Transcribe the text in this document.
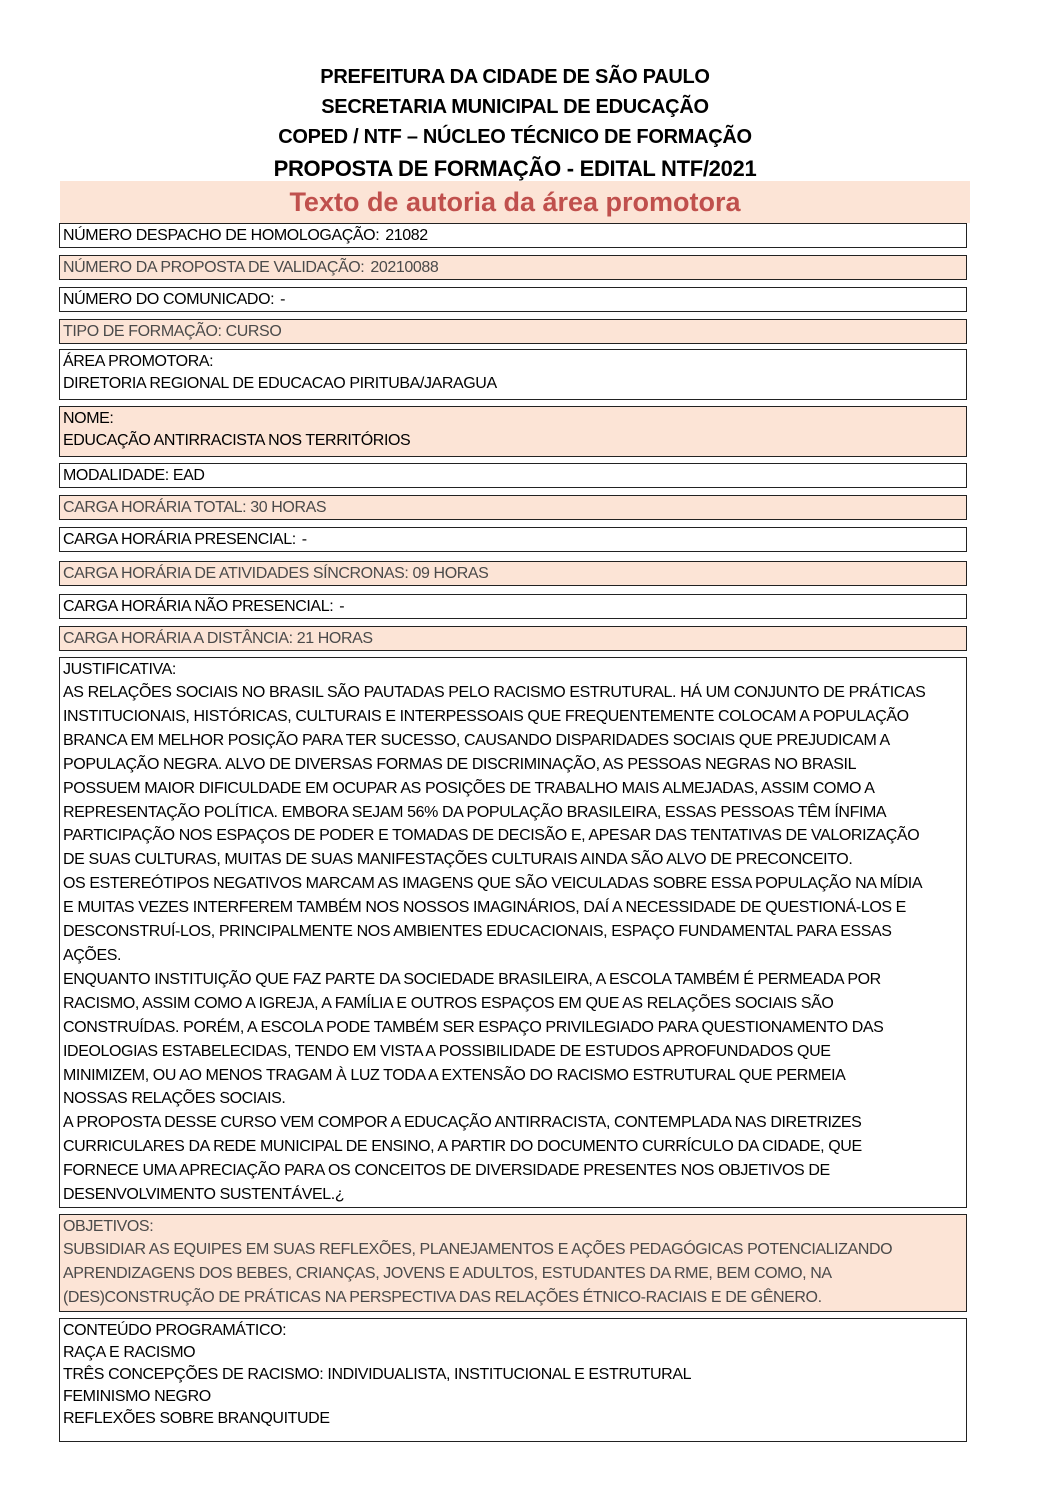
PREFEITURA DA CIDADE DE SÃO PAULO
SECRETARIA MUNICIPAL DE EDUCAÇÃO
COPED / NTF – NÚCLEO TÉCNICO DE FORMAÇÃO
PROPOSTA DE FORMAÇÃO - EDITAL NTF/2021
Texto de autoria da área promotora
NÚMERO DESPACHO DE HOMOLOGAÇÃO: 21082
NÚMERO DA PROPOSTA DE VALIDAÇÃO: 20210088
NÚMERO DO COMUNICADO: -
TIPO DE FORMAÇÃO: CURSO
ÁREA PROMOTORA:
DIRETORIA REGIONAL DE EDUCACAO PIRITUBA/JARAGUA
NOME:
EDUCAÇÃO ANTIRRACISTA NOS TERRITÓRIOS
MODALIDADE: EAD
CARGA HORÁRIA TOTAL: 30 HORAS
CARGA HORÁRIA PRESENCIAL: -
CARGA HORÁRIA DE ATIVIDADES SÍNCRONAS: 09 HORAS
CARGA HORÁRIA NÃO PRESENCIAL: -
CARGA HORÁRIA A DISTÂNCIA: 21 HORAS
JUSTIFICATIVA:
AS RELAÇÕES SOCIAIS NO BRASIL SÃO PAUTADAS PELO RACISMO ESTRUTURAL. HÁ UM CONJUNTO DE PRÁTICAS
INSTITUCIONAIS, HISTÓRICAS, CULTURAIS E INTERPESSOAIS QUE FREQUENTEMENTE COLOCAM A POPULAÇÃO
BRANCA EM MELHOR POSIÇÃO PARA TER SUCESSO, CAUSANDO DISPARIDADES SOCIAIS QUE PREJUDICAM A
POPULAÇÃO NEGRA. ALVO DE DIVERSAS FORMAS DE DISCRIMINAÇÃO, AS PESSOAS NEGRAS NO BRASIL
POSSUEM MAIOR DIFICULDADE EM OCUPAR AS POSIÇÕES DE TRABALHO MAIS ALMEJADAS, ASSIM COMO A
REPRESENTAÇÃO POLÍTICA. EMBORA SEJAM 56% DA POPULAÇÃO BRASILEIRA, ESSAS PESSOAS TÊM ÍNFIMA
PARTICIPAÇÃO NOS ESPAÇOS DE PODER E TOMADAS DE DECISÃO E, APESAR DAS TENTATIVAS DE VALORIZAÇÃO
DE SUAS CULTURAS, MUITAS DE SUAS MANIFESTAÇÕES CULTURAIS AINDA SÃO ALVO DE PRECONCEITO.
OS ESTEREÓTIPOS NEGATIVOS MARCAM AS IMAGENS QUE SÃO VEICULADAS SOBRE ESSA POPULAÇÃO NA MÍDIA
E MUITAS VEZES INTERFEREM TAMBÉM NOS NOSSOS IMAGINÁRIOS, DAÍ A NECESSIDADE DE QUESTIONÁ-LOS E
DESCONSTRUÍ-LOS, PRINCIPALMENTE NOS AMBIENTES EDUCACIONAIS, ESPAÇO FUNDAMENTAL PARA ESSAS
AÇÕES.
ENQUANTO INSTITUIÇÃO QUE FAZ PARTE DA SOCIEDADE BRASILEIRA, A ESCOLA TAMBÉM É PERMEADA POR
RACISMO, ASSIM COMO A IGREJA, A FAMÍLIA E OUTROS ESPAÇOS EM QUE AS RELAÇÕES SOCIAIS SÃO
CONSTRUÍDAS. PORÉM, A ESCOLA PODE TAMBÉM SER ESPAÇO PRIVILEGIADO PARA QUESTIONAMENTO DAS
IDEOLOGIAS ESTABELECIDAS, TENDO EM VISTA A POSSIBILIDADE DE ESTUDOS APROFUNDADOS QUE
MINIMIZEM, OU AO MENOS TRAGAM À LUZ TODA A EXTENSÃO DO RACISMO ESTRUTURAL QUE PERMEIA
NOSSAS RELAÇÕES SOCIAIS.
A PROPOSTA DESSE CURSO VEM COMPOR A EDUCAÇÃO ANTIRRACISTA, CONTEMPLADA NAS DIRETRIZES
CURRICULARES DA REDE MUNICIPAL DE ENSINO, A PARTIR DO DOCUMENTO CURRÍCULO DA CIDADE, QUE
FORNECE UMA APRECIAÇÃO PARA OS CONCEITOS DE DIVERSIDADE PRESENTES NOS OBJETIVOS DE
DESENVOLVIMENTO SUSTENTÁVEL.¿
OBJETIVOS:
SUBSIDIAR AS EQUIPES EM SUAS REFLEXÕES, PLANEJAMENTOS E AÇÕES PEDAGÓGICAS POTENCIALIZANDO
APRENDIZAGENS DOS BEBES, CRIANÇAS, JOVENS E ADULTOS, ESTUDANTES DA RME, BEM COMO, NA
(DES)CONSTRUÇÃO DE PRÁTICAS NA PERSPECTIVA DAS RELAÇÕES ÉTNICO-RACIAIS E DE GÊNERO.
CONTEÚDO PROGRAMÁTICO:
RAÇA E RACISMO
TRÊS CONCEPÇÕES DE RACISMO: INDIVIDUALISTA, INSTITUCIONAL E ESTRUTURAL
FEMINISMO NEGRO
REFLEXÕES SOBRE BRANQUITUDE
